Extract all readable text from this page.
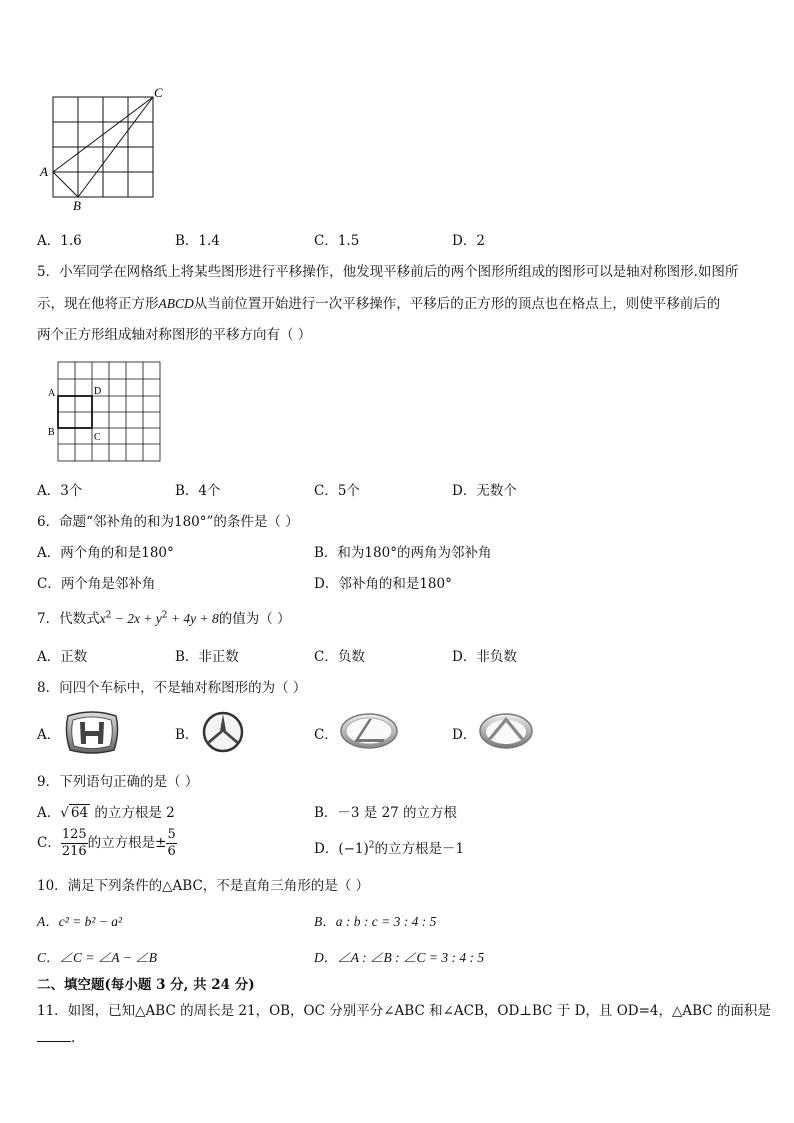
A
B
C
A．1.6	B．1.4	C．1.5	D．2
5．小军同学在网格纸上将某些图形进行平移操作，他发现平移前后的两个图形所组成的图形可以是轴对称图形.如图所
示，现在他将正方形ABCD从当前位置开始进行一次平移操作，平移后的正方形的顶点也在格点上，则使平移前后的
两个正方形组成轴对称图形的平移方向有（ ）
A
B	C
D
A．3个	B．4个	C．5个	D．无数个
6．命题“邻补角的和为180°”的条件是（ ）
A．两个角的和是180°	B．和为180°的两角为邻补角
C．两个角是邻补角	D．邻补角的和是180°
7．代数式$x^2 - 2x + y^2 + 4y + 8$的值为（ ）
A．正数	B．非正数	C．负数	D．非负数
8．问四个车标中，不是轴对称图形的为（ ）
A．	B．	C．	D．
9．下列语句正确的是（ ）
A．√ 64 的立方根是 2	B．－3 是 27 的立方根
C． $\frac{125}{216}$ 的立方根是± $\frac{5}{6}$	D．$(-1)^2$的立方根是－1
10．满足下列条件的△ABC，不是直角三角形的是（ ）
A．c² = b² − a²	B．a : b : c = 3 : 4 : 5
C．∠C = ∠A − ∠B	D．∠A : ∠B : ∠C = 3 : 4 : 5
二、填空题(每小题 3 分, 共 24 分)
11．如图，已知△ABC 的周长是 21，OB，OC 分别平分∠ABC 和∠ACB，OD⊥BC 于 D，且 OD=4，△ABC 的面积是
.
